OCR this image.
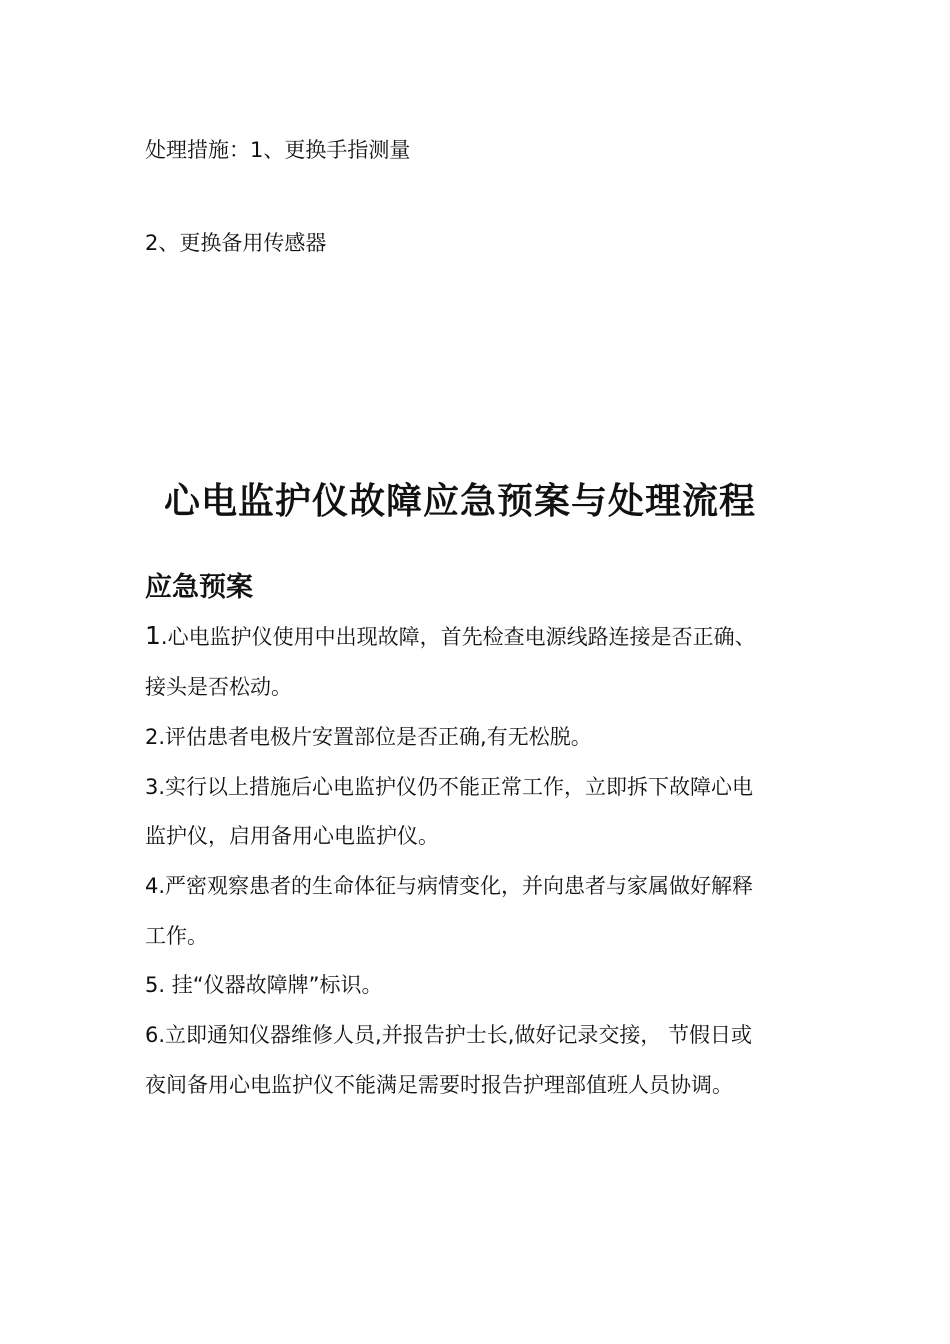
处理措施：1、更换手指测量

2、更换备用传感器

心电监护仪故障应急预案与处理流程
应急预案

1.心电监护仪使用中出现故障，首先检查电源线路连接是否正确、

接头是否松动。

2.评估患者电极片安置部位是否正确,有无松脱。

3.实行以上措施后心电监护仪仍不能正常工作，立即拆下故障心电

监护仪，启用备用心电监护仪。

4.严密观察患者的生命体征与病情变化，并向患者与家属做好解释

工作。

5. 挂“仪器故障牌”标识。

6.立即通知仪器维修人员,并报告护士长,做好记录交接， 节假日或

夜间备用心电监护仪不能满足需要时报告护理部值班人员协调。
